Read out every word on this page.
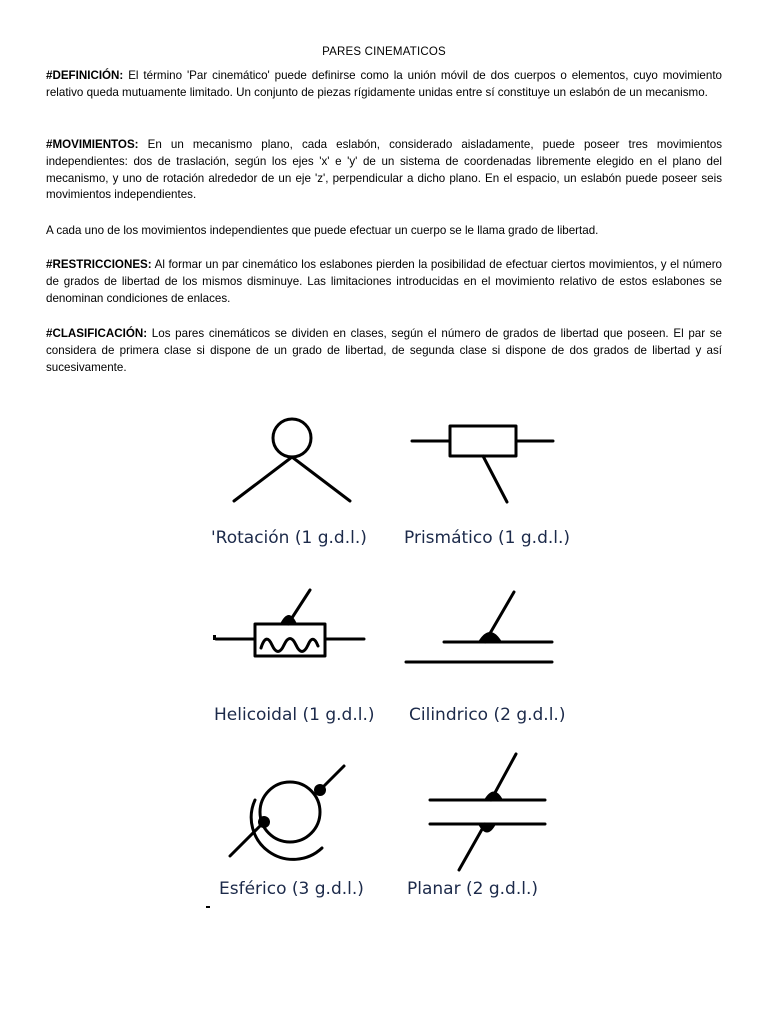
PARES CINEMATICOS
#DEFINICIÓN: El término 'Par cinemático' puede definirse como la unión móvil de dos cuerpos o elementos, cuyo movimiento relativo queda mutuamente limitado. Un conjunto de piezas rígidamente unidas entre sí constituye un eslabón de un mecanismo.
#MOVIMIENTOS: En un mecanismo plano, cada eslabón, considerado aisladamente, puede poseer tres movimientos independientes: dos de traslación, según los ejes 'x' e 'y' de un sistema de coordenadas libremente elegido en el plano del mecanismo, y uno de rotación alrededor de un eje 'z', perpendicular a dicho plano. En el espacio, un eslabón puede poseer seis movimientos independientes.
A cada uno de los movimientos independientes que puede efectuar un cuerpo se le llama grado de libertad.
#RESTRICCIONES: Al formar un par cinemático los eslabones pierden la posibilidad de efectuar ciertos movimientos, y el número de grados de libertad de los mismos disminuye. Las limitaciones introducidas en el movimiento relativo de estos eslabones se denominan condiciones de enlaces.
#CLASIFICACIÓN: Los pares cinemáticos se dividen en clases, según el número de grados de libertad que poseen. El par se considera de primera clase si dispone de un grado de libertad, de segunda clase si dispone de dos grados de libertad y así sucesivamente.
'Rotación (1 g.d.l.) Prismático (1 g.d.l.)
Helicoidal (1 g.d.l.) Cilindrico (2 g.d.l.)
Esférico (3 g.d.l.)	Planar (2 g.d.l.)
